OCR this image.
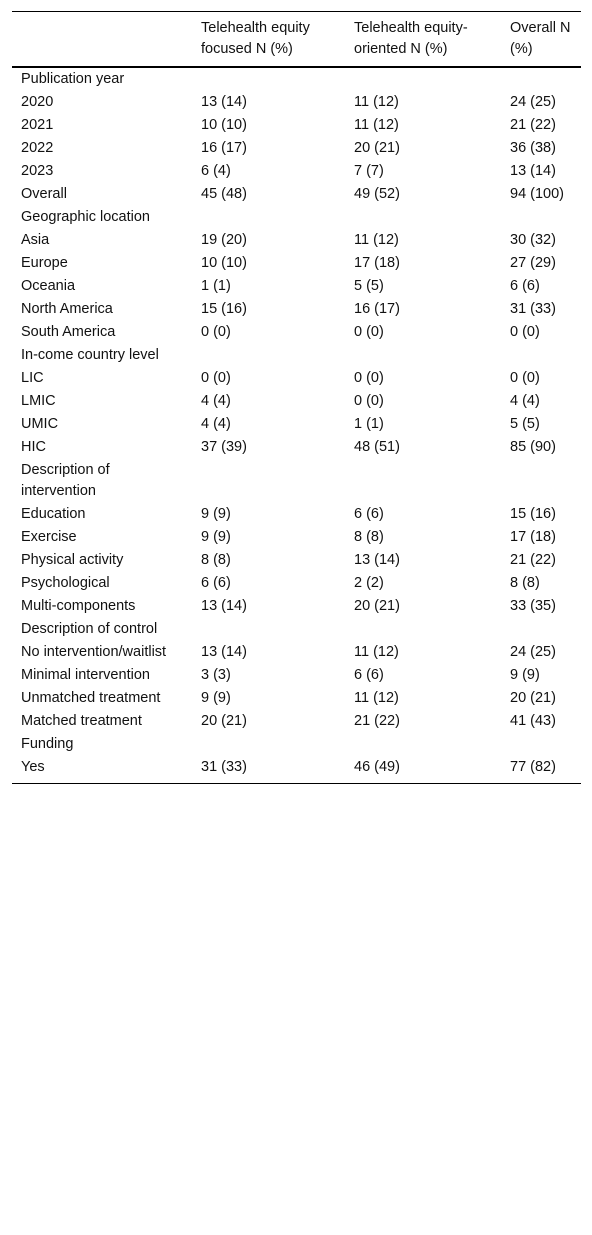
	Telehealth equity focused N (%)	Telehealth equity-oriented N (%)	Overall N (%)
Publication year			
2020	13 (14)	11 (12)	24 (25)
2021	10 (10)	11 (12)	21 (22)
2022	16 (17)	20 (21)	36 (38)
2023	6 (4)	7 (7)	13 (14)
Overall	45 (48)	49 (52)	94 (100)
Geographic location			
Asia	19 (20)	11 (12)	30 (32)
Europe	10 (10)	17 (18)	27 (29)
Oceania	1 (1)	5 (5)	6 (6)
North America	15 (16)	16 (17)	31 (33)
South America	0 (0)	0 (0)	0 (0)
In-come country level			
LIC	0 (0)	0 (0)	0 (0)
LMIC	4 (4)	0 (0)	4 (4)
UMIC	4 (4)	1 (1)	5 (5)
HIC	37 (39)	48 (51)	85 (90)
Description of intervention			
Education	9 (9)	6 (6)	15 (16)
Exercise	9 (9)	8 (8)	17 (18)
Physical activity	8 (8)	13 (14)	21 (22)
Psychological	6 (6)	2 (2)	8 (8)
Multi-components	13 (14)	20 (21)	33 (35)
Description of control			
No intervention/waitlist	13 (14)	11 (12)	24 (25)
Minimal intervention	3 (3)	6 (6)	9 (9)
Unmatched treatment	9 (9)	11 (12)	20 (21)
Matched treatment	20 (21)	21 (22)	41 (43)
Funding			
Yes	31 (33)	46 (49)	77 (82)
